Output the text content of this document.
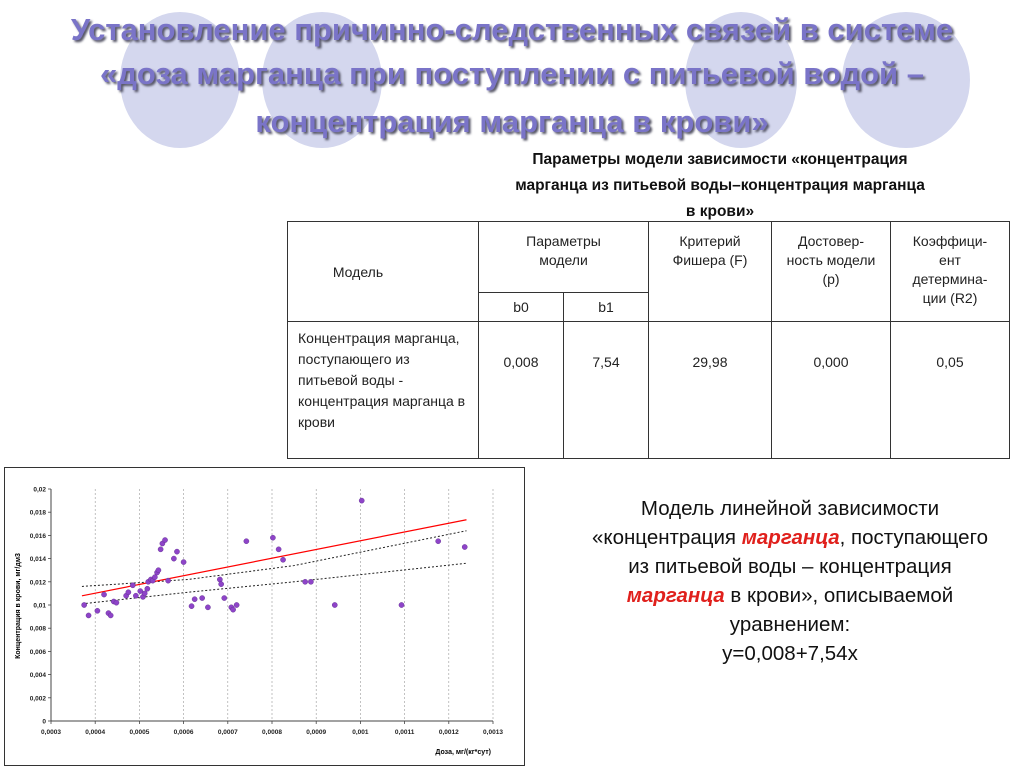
Установление причинно-следственных связей в системе
«доза марганца при поступлении с питьевой водой –
концентрация марганца в крови»
Параметры модели зависимости «концентрация
марганца из питьевой воды–концентрация марганца
в крови»
Модель	Параметры модели		Критерий Фишера (F)	Достовер-ность модели (р)	Коэффици-ент детермина-ции (R2)

	b0	b1			

Концентрация марганца, поступающего из питьевой воды - концентрация марганца в крови	0,008	7,54	29,98	0,000	0,05
0,0003	0,0004	0,0005	0,0006	0,0007	0,0008	0,0009	0,001	0,0011	0,0012	0,0013
0
0,002
0,004
0,006
0,008
0,01
0,012
0,014
0,016
0,018
0,02
Концентрация в крови, мг/дм3
Доза, мг/(кг*сут)
Модель линейной зависимости
«концентрация марганца, поступающего
из питьевой воды – концентрация
марганца в крови», описываемой
уравнением:
у=0,008+7,54х
